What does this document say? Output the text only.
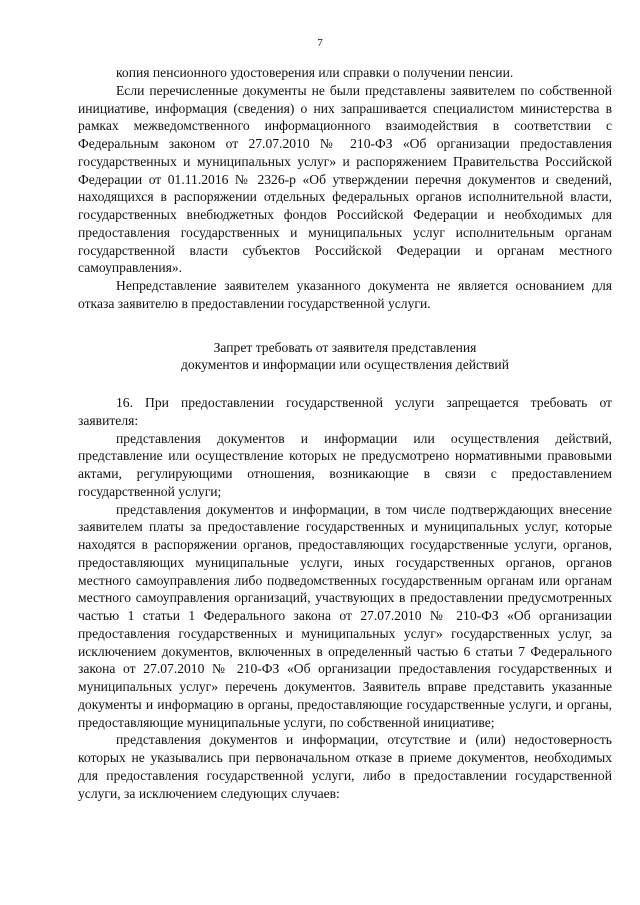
7

копия пенсионного удостоверения или справки о получении пенсии.

Если перечисленные документы не были представлены заявителем по собственной инициативе, информация (сведения) о них запрашивается специалистом министерства в рамках межведомственного информационного взаимодействия в соответствии с Федеральным законом от 27.07.2010 № 210-ФЗ «Об организации предоставления государственных и муниципальных услуг» и распоряжением Правительства Российской Федерации от 01.11.2016 № 2326-р «Об утверждении перечня документов и сведений, находящихся в распоряжении отдельных федеральных органов исполнительной власти, государственных внебюджетных фондов Российской Федерации и необходимых для предоставления государственных и муниципальных услуг исполнительным органам государственной власти субъектов Российской Федерации и органам местного самоуправления».

Непредставление заявителем указанного документа не является основанием для отказа заявителю в предоставлении государственной услуги.

Запрет требовать от заявителя представления
документов и информации или осуществления действий

16. При предоставлении государственной услуги запрещается требовать от заявителя:

представления документов и информации или осуществления действий, представление или осуществление которых не предусмотрено нормативными правовыми актами, регулирующими отношения, возникающие в связи с предоставлением государственной услуги;

представления документов и информации, в том числе подтверждающих внесение заявителем платы за предоставление государственных и муниципальных услуг, которые находятся в распоряжении органов, предоставляющих государственные услуги, органов, предоставляющих муниципальные услуги, иных государственных органов, органов местного самоуправления либо подведомственных государственным органам или органам местного самоуправления организаций, участвующих в предоставлении предусмотренных частью 1 статьи 1 Федерального закона от 27.07.2010 № 210-ФЗ «Об организации предоставления государственных и муниципальных услуг» государственных услуг, за исключением документов, включенных в определенный частью 6 статьи 7 Федерального закона от 27.07.2010 № 210-ФЗ «Об организации предоставления государственных и муниципальных услуг» перечень документов. Заявитель вправе представить указанные документы и информацию в органы, предоставляющие государственные услуги, и органы, предоставляющие муниципальные услуги, по собственной инициативе;

представления документов и информации, отсутствие и (или) недостоверность которых не указывались при первоначальном отказе в приеме документов, необходимых для предоставления государственной услуги, либо в предоставлении государственной услуги, за исключением следующих случаев:
